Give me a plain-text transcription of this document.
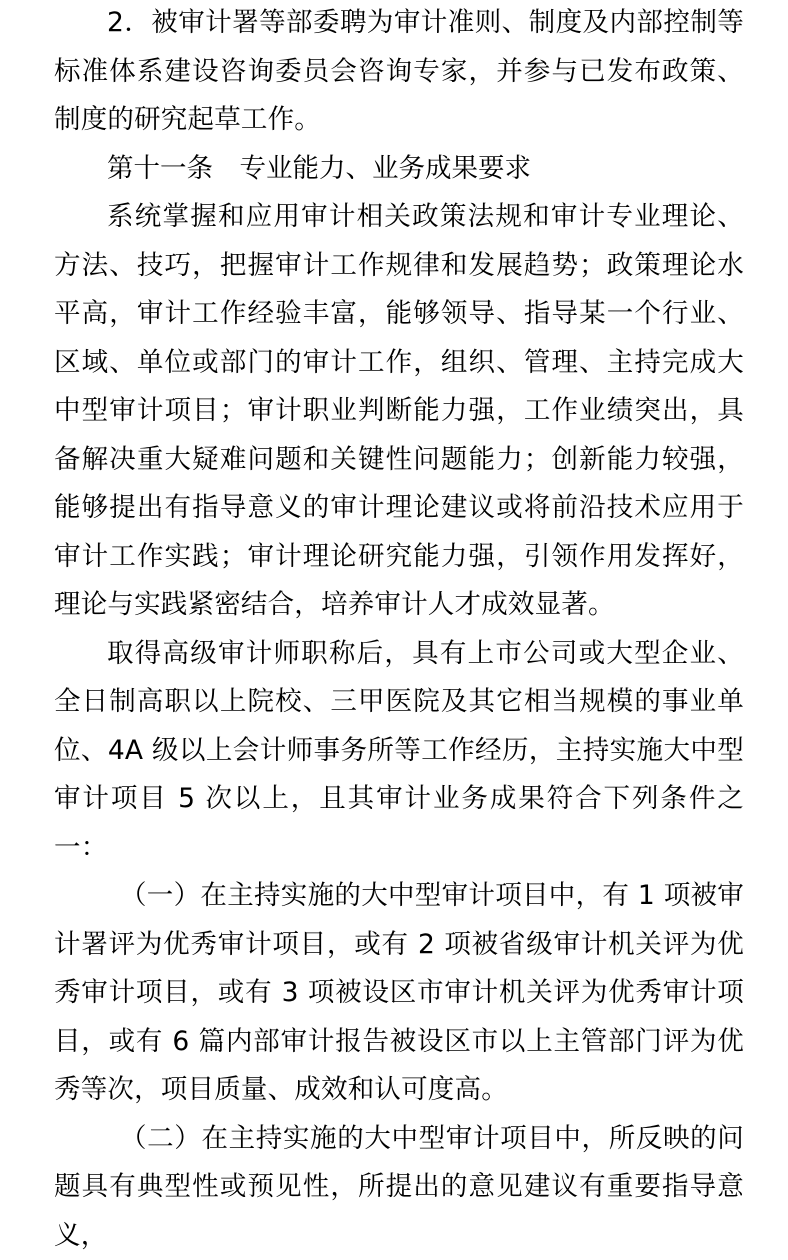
2．被审计署等部委聘为审计准则、制度及内部控制等标准体系建设咨询委员会咨询专家，并参与已发布政策、制度的研究起草工作。

第十一条　专业能力、业务成果要求

系统掌握和应用审计相关政策法规和审计专业理论、方法、技巧，把握审计工作规律和发展趋势；政策理论水平高，审计工作经验丰富，能够领导、指导某一个行业、区域、单位或部门的审计工作，组织、管理、主持完成大中型审计项目；审计职业判断能力强，工作业绩突出，具备解决重大疑难问题和关键性问题能力；创新能力较强，能够提出有指导意义的审计理论建议或将前沿技术应用于审计工作实践；审计理论研究能力强，引领作用发挥好，理论与实践紧密结合，培养审计人才成效显著。

取得高级审计师职称后，具有上市公司或大型企业、全日制高职以上院校、三甲医院及其它相当规模的事业单位、4A 级以上会计师事务所等工作经历，主持实施大中型审计项目 5 次以上，且其审计业务成果符合下列条件之一：

（一）在主持实施的大中型审计项目中，有 1 项被审计署评为优秀审计项目，或有 2 项被省级审计机关评为优秀审计项目，或有 3 项被设区市审计机关评为优秀审计项目，或有 6 篇内部审计报告被设区市以上主管部门评为优秀等次，项目质量、成效和认可度高。

（二）在主持实施的大中型审计项目中，所反映的问题具有典型性或预见性，所提出的意见建议有重要指导意义，
